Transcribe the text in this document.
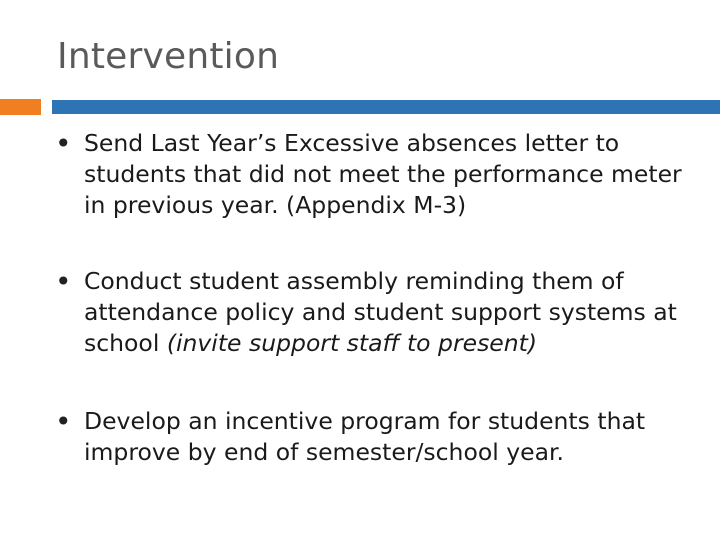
Intervention
• Send Last Year’s Excessive absences letter to students that did not meet the performance meter in previous year. (Appendix M-3)
• Conduct student assembly reminding them of attendance policy and student support systems at school (invite support staff to present)
• Develop an incentive program for students that improve by end of semester/school year.
